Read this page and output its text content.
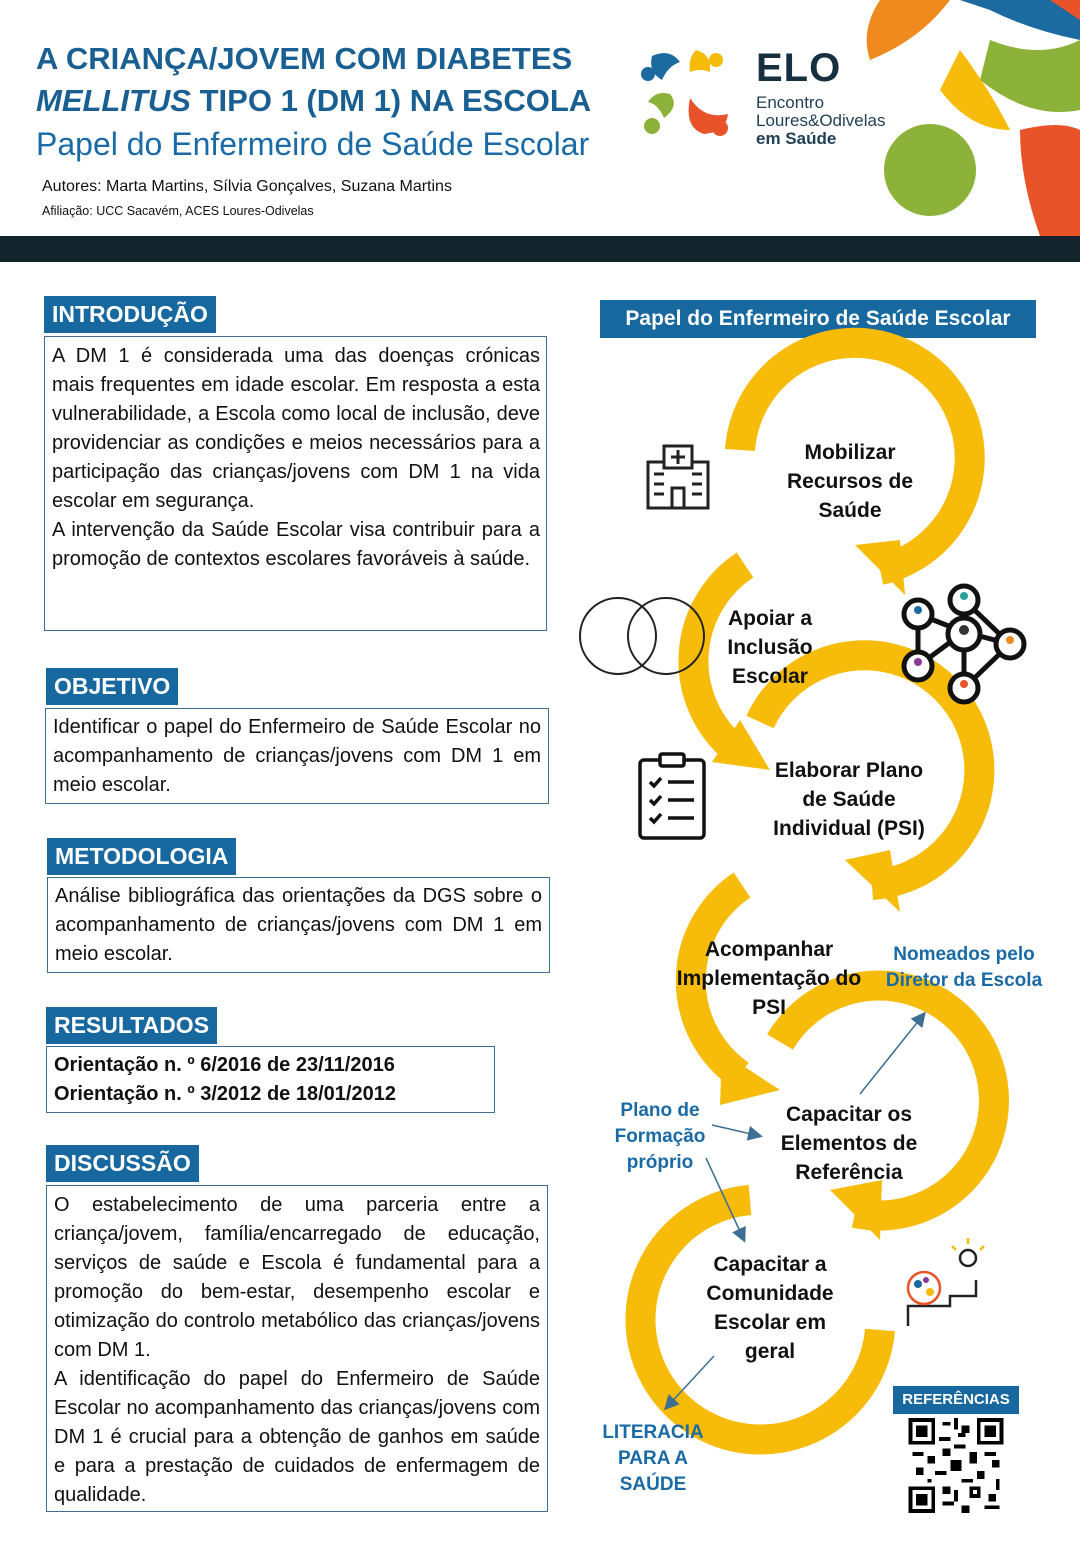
A CRIANÇA/JOVEM COM DIABETES
MELLITUS TIPO 1 (DM 1) NA ESCOLA
Papel do Enfermeiro de Saúde Escolar
Autores: Marta Martins, Sílvia Gonçalves, Suzana Martins
Afiliação: UCC Sacavém, ACES Loures-Odivelas
ELO
Encontro
Loures&Odivelas
em Saúde
INTRODUÇÃO

A DM 1 é considerada uma das doenças crónicas mais frequentes em idade escolar. Em resposta a esta vulnerabilidade, a Escola como local de inclusão, deve providenciar as condições e meios necessários para a participação das crianças/jovens com DM 1 na vida escolar em segurança.

A intervenção da Saúde Escolar visa contribuir para a promoção de contextos escolares favoráveis à saúde.

OBJETIVO
Identificar o papel do Enfermeiro de Saúde Escolar no acompanhamento de crianças/jovens com DM 1 em meio escolar.
METODOLOGIA
Análise bibliográfica das orientações da DGS sobre o acompanhamento de crianças/jovens com DM 1 em meio escolar.
RESULTADOS
Orientação n. º 6/2016 de 23/11/2016
Orientação n. º 3/2012 de 18/01/2012
DISCUSSÃO

O estabelecimento de uma parceria entre a criança/jovem, família/encarregado de educação, serviços de saúde e Escola é fundamental para a promoção do bem-estar, desempenho escolar e otimização do controlo metabólico das crianças/jovens com DM 1.

A identificação do papel do Enfermeiro de Saúde Escolar no acompanhamento das crianças/jovens com DM 1 é crucial para a obtenção de ganhos em saúde e para a prestação de cuidados de enfermagem de qualidade.

Papel do Enfermeiro de Saúde Escolar
Mobilizar Recursos de Saúde
Apoiar a Inclusão Escolar
Elaborar Plano de Saúde Individual (PSI)
Acompanhar Implementação do PSI
Capacitar os Elementos de Referência
Capacitar a Comunidade Escolar em geral
Nomeados pelo Diretor da Escola
Plano de Formação próprio
LITERACIA PARA A SAÚDE
REFERÊNCIAS
